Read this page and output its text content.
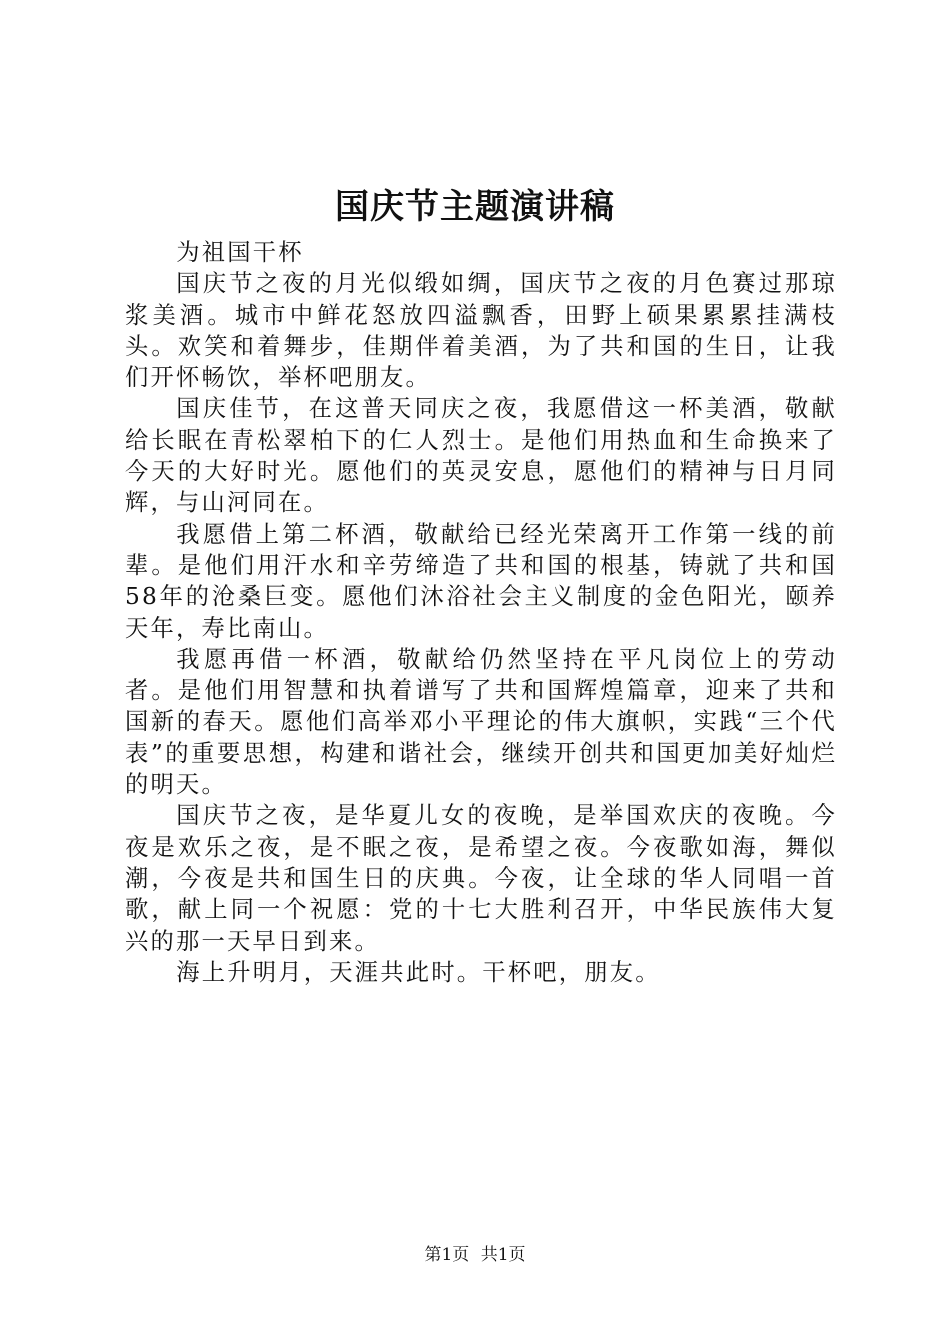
国庆节主题演讲稿

为祖国干杯

国庆节之夜的月光似缎如绸，国庆节之夜的月色赛过那琼浆美酒。城市中鲜花怒放四溢飘香，田野上硕果累累挂满枝头。欢笑和着舞步，佳期伴着美酒，为了共和国的生日，让我们开怀畅饮，举杯吧朋友。

国庆佳节，在这普天同庆之夜，我愿借这一杯美酒，敬献给长眠在青松翠柏下的仁人烈士。是他们用热血和生命换来了今天的大好时光。愿他们的英灵安息，愿他们的精神与日月同辉，与山河同在。

我愿借上第二杯酒，敬献给已经光荣离开工作第一线的前辈。是他们用汗水和辛劳缔造了共和国的根基，铸就了共和国58年的沧桑巨变。愿他们沐浴社会主义制度的金色阳光，颐养天年，寿比南山。

我愿再借一杯酒，敬献给仍然坚持在平凡岗位上的劳动者。是他们用智慧和执着谱写了共和国辉煌篇章，迎来了共和国新的春天。愿他们高举邓小平理论的伟大旗帜，实践“三个代表”的重要思想，构建和谐社会，继续开创共和国更加美好灿烂的明天。

国庆节之夜，是华夏儿女的夜晚，是举国欢庆的夜晚。今夜是欢乐之夜，是不眠之夜，是希望之夜。今夜歌如海，舞似潮，今夜是共和国生日的庆典。今夜，让全球的华人同唱一首歌，献上同一个祝愿：党的十七大胜利召开，中华民族伟大复兴的那一天早日到来。

海上升明月，天涯共此时。干杯吧，朋友。

第1页 共1页
